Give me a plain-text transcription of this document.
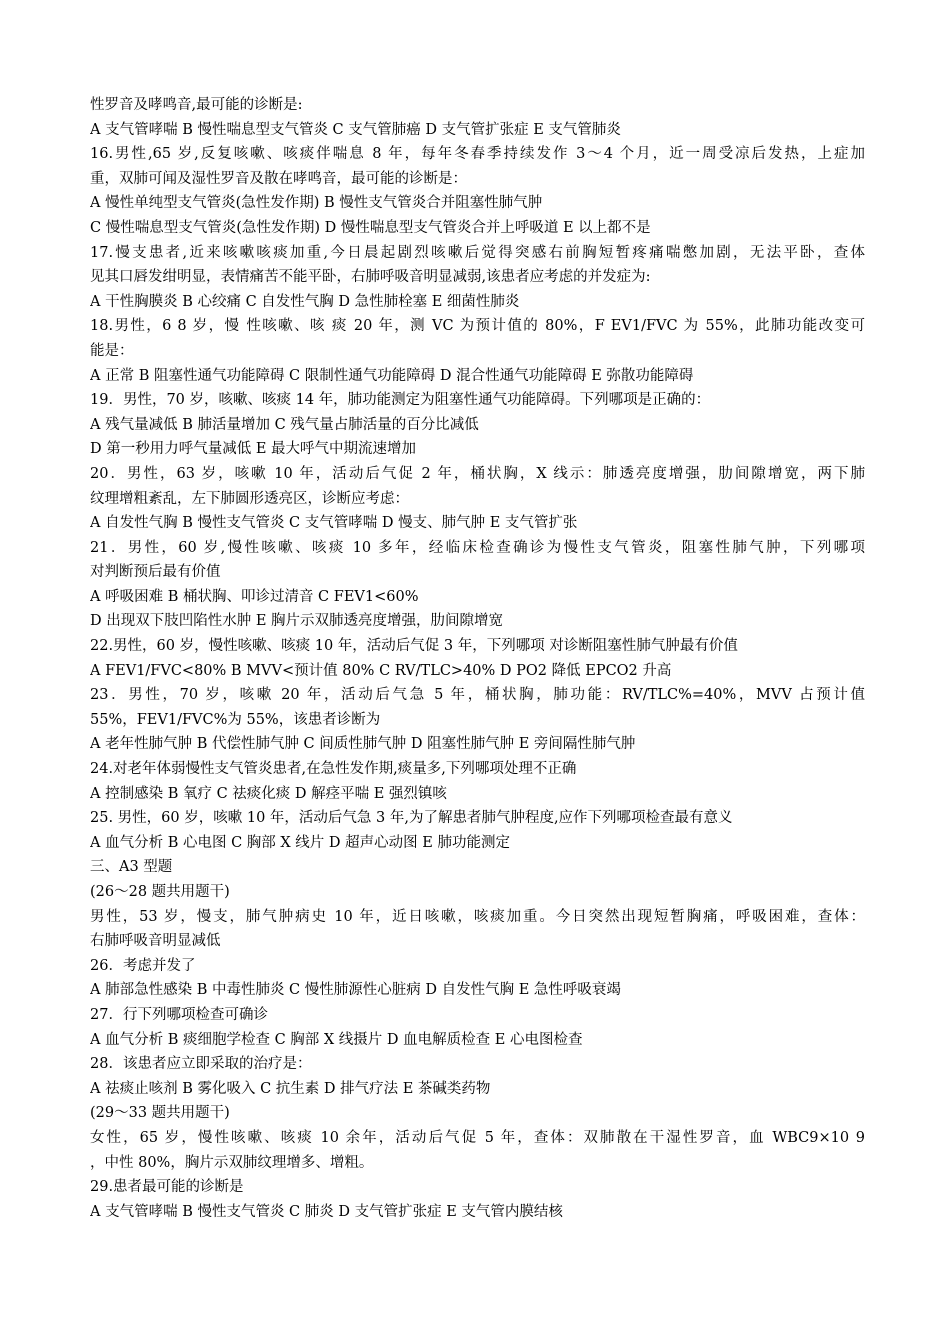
性罗音及哮鸣音,最可能的诊断是:
A 支气管哮喘 B 慢性喘息型支气管炎 C 支气管肺癌 D 支气管扩张症 E 支气管肺炎
16.男性,65 岁,反复咳嗽、咳痰伴喘息 8 年，每年冬春季持续发作 3～4 个月，近一周受凉后发热，上症加
重，双肺可闻及湿性罗音及散在哮鸣音，最可能的诊断是：
A 慢性单纯型支气管炎(急性发作期) B 慢性支气管炎合并阻塞性肺气肿
C 慢性喘息型支气管炎(急性发作期) D 慢性喘息型支气管炎合并上呼吸道 E 以上都不是
17.慢支患者,近来咳嗽咳痰加重,今日晨起剧烈咳嗽后觉得突感右前胸短暂疼痛喘憋加剧，无法平卧，查体
见其口唇发绀明显，表情痛苦不能平卧，右肺呼吸音明显减弱,该患者应考虑的并发症为:
A 干性胸膜炎 B 心绞痛 C 自发性气胸 D 急性肺栓塞 E 细菌性肺炎
18.男性，6 8 岁，慢 性咳嗽、咳 痰 20 年，测 VC 为预计值的 80%，F EV1/FVC 为 55%，此肺功能改变可
能是：
A 正常 B 阻塞性通气功能障碍 C 限制性通气功能障碍 D 混合性通气功能障碍 E 弥散功能障碍
19．男性，70 岁，咳嗽、咳痰 14 年，肺功能测定为阻塞性通气功能障碍。下列哪项是正确的：
A 残气量减低 B 肺活量增加 C 残气量占肺活量的百分比减低
D 第一秒用力呼气量减低 E 最大呼气中期流速增加
20．男性，63 岁，咳嗽 10 年，活动后气促 2 年，桶状胸，X 线示：肺透亮度增强，肋间隙增宽，两下肺
纹理增粗紊乱，左下肺圆形透亮区，诊断应考虑：
A 自发性气胸 B 慢性支气管炎 C 支气管哮喘 D 慢支、肺气肿 E 支气管扩张
21．男性，60 岁,慢性咳嗽、咳痰 10 多年，经临床检查确诊为慢性支气管炎，阻塞性肺气肿，下列哪项
对判断预后最有价值
A 呼吸困难 B 桶状胸、叩诊过清音 C FEV1<60%
D 出现双下肢凹陷性水肿 E 胸片示双肺透亮度增强，肋间隙增宽
22.男性，60 岁，慢性咳嗽、咳痰 10 年，活动后气促 3 年，下列哪项 对诊断阻塞性肺气肿最有价值
A FEV1/FVC<80% B MVV<预计值 80% C RV/TLC>40% D PO2 降低 EPCO2 升高
23．男性，70 岁，咳嗽 20 年，活动后气急 5 年，桶状胸，肺功能：RV/TLC%=40%，MVV 占预计值
55%，FEV1/FVC%为 55%，该患者诊断为
A 老年性肺气肿 B 代偿性肺气肿 C 间质性肺气肿 D 阻塞性肺气肿 E 旁间隔性肺气肿
24.对老年体弱慢性支气管炎患者,在急性发作期,痰量多,下列哪项处理不正确
A 控制感染 B 氧疗 C 祛痰化痰 D 解痉平喘 E 强烈镇咳
25. 男性，60 岁，咳嗽 10 年，活动后气急 3 年,为了解患者肺气肿程度,应作下列哪项检查最有意义
A 血气分析 B 心电图 C 胸部 X 线片 D 超声心动图 E 肺功能测定
三、A3 型题
(26～28 题共用题干)
男性，53 岁，慢支，肺气肿病史 10 年，近日咳嗽，咳痰加重。今日突然出现短暂胸痛，呼吸困难，查体：
右肺呼吸音明显减低
26．考虑并发了
A 肺部急性感染 B 中毒性肺炎 C 慢性肺源性心脏病 D 自发性气胸 E 急性呼吸衰竭
27．行下列哪项检查可确诊
A 血气分析 B 痰细胞学检查 C 胸部 X 线摄片 D 血电解质检查 E 心电图检查
28．该患者应立即采取的治疗是：
A 祛痰止咳剂 B 雾化吸入 C 抗生素 D 排气疗法 E 茶碱类药物
(29～33 题共用题干)
女性，65 岁，慢性咳嗽、咳痰 10 余年，活动后气促 5 年，查体：双肺散在干湿性罗音，血 WBC9×10 9
，中性 80%，胸片示双肺纹理增多、增粗。
29.患者最可能的诊断是
A 支气管哮喘 B 慢性支气管炎 C 肺炎 D 支气管扩张症 E 支气管内膜结核
